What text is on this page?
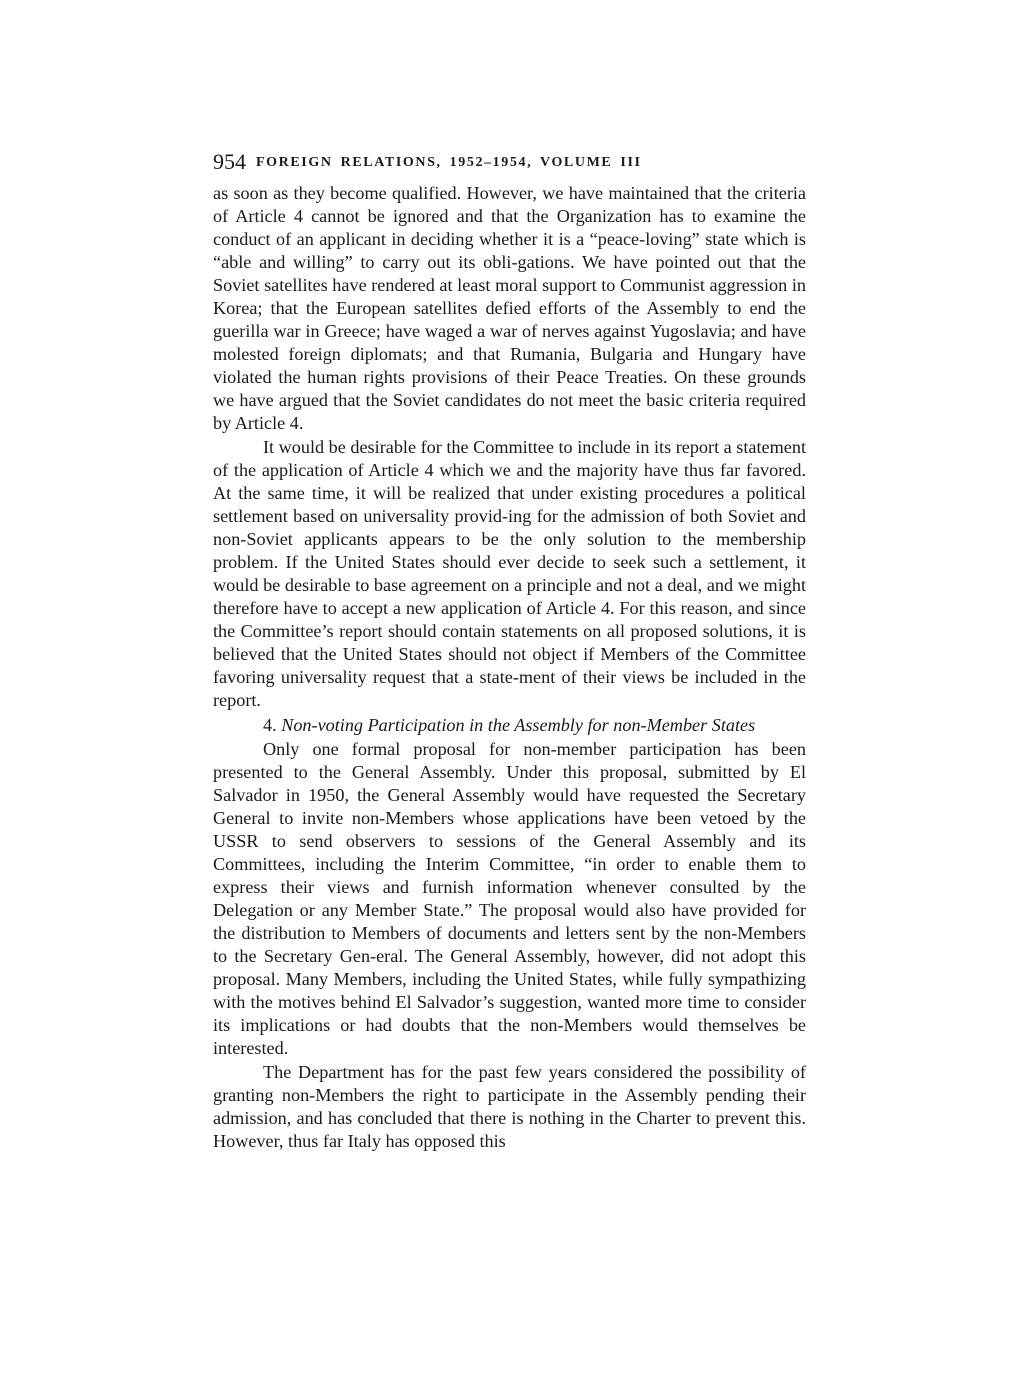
954 FOREIGN RELATIONS, 1952–1954, VOLUME III

as soon as they become qualified. However, we have maintained that the criteria of Article 4 cannot be ignored and that the Organization has to examine the conduct of an applicant in deciding whether it is a “peace-loving” state which is “able and willing” to carry out its obli-gations. We have pointed out that the Soviet satellites have rendered at least moral support to Communist aggression in Korea; that the European satellites defied efforts of the Assembly to end the guerilla war in Greece; have waged a war of nerves against Yugoslavia; and have molested foreign diplomats; and that Rumania, Bulgaria and Hungary have violated the human rights provisions of their Peace Treaties. On these grounds we have argued that the Soviet candidates do not meet the basic criteria required by Article 4.

It would be desirable for the Committee to include in its report a statement of the application of Article 4 which we and the majority have thus far favored. At the same time, it will be realized that under existing procedures a political settlement based on universality provid-ing for the admission of both Soviet and non-Soviet applicants appears to be the only solution to the membership problem. If the United States should ever decide to seek such a settlement, it would be desirable to base agreement on a principle and not a deal, and we might therefore have to accept a new application of Article 4. For this reason, and since the Committee’s report should contain statements on all proposed solutions, it is believed that the United States should not object if Members of the Committee favoring universality request that a state-ment of their views be included in the report.

4. Non-voting Participation in the Assembly for non-Member States

Only one formal proposal for non-member participation has been presented to the General Assembly. Under this proposal, submitted by El Salvador in 1950, the General Assembly would have requested the Secretary General to invite non-Members whose applications have been vetoed by the USSR to send observers to sessions of the General Assembly and its Committees, including the Interim Committee, “in order to enable them to express their views and furnish information whenever consulted by the Delegation or any Member State.” The proposal would also have provided for the distribution to Members of documents and letters sent by the non-Members to the Secretary Gen-eral. The General Assembly, however, did not adopt this proposal. Many Members, including the United States, while fully sympathizing with the motives behind El Salvador’s suggestion, wanted more time to consider its implications or had doubts that the non-Members would themselves be interested.

The Department has for the past few years considered the possibility of granting non-Members the right to participate in the Assembly pending their admission, and has concluded that there is nothing in the Charter to prevent this. However, thus far Italy has opposed this
